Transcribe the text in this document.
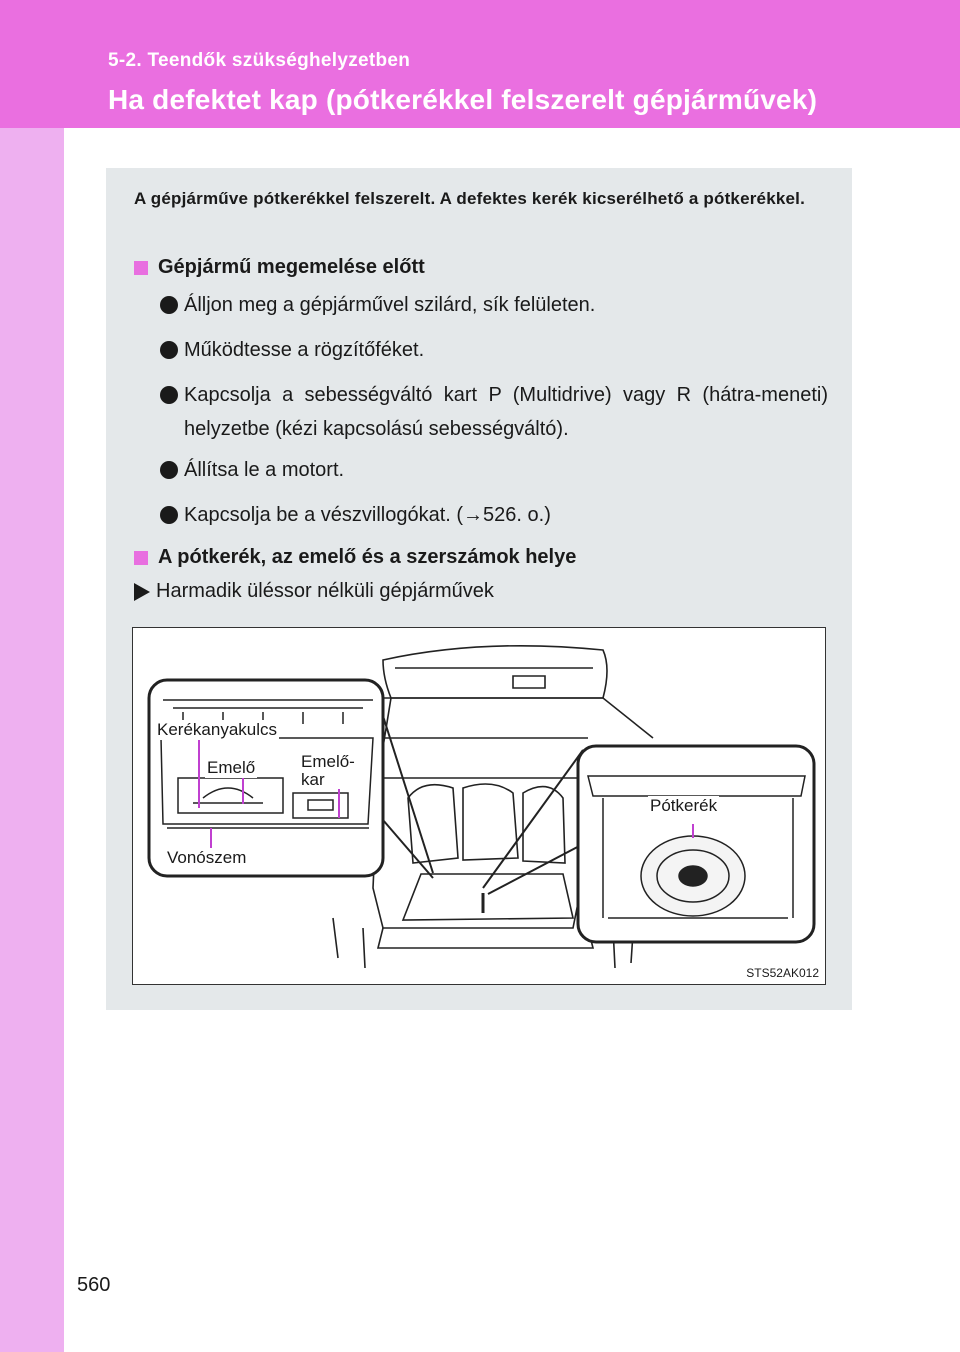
5-2. Teendők szükséghelyzetben
Ha defektet kap (pótkerékkel felszerelt gépjárművek)
560
A gépjárműve pótkerékkel felszerelt. A defektes kerék kicserélhető a pótkerékkel.
Gépjármű megemelése előtt
Álljon meg a gépjárművel szilárd, sík felületen.
Működtesse a rögzítőféket.
Kapcsolja a sebességváltó kart P (Multidrive) vagy R (hátra-meneti) helyzetbe (kézi kapcsolású sebességváltó).
Állítsa le a motort.
Kapcsolja be a vészvillogókat. (→526. o.)
A pótkerék, az emelő és a szerszámok helye
Harmadik üléssor nélküli gépjárművek
Kerékanyakulcs
Emelő	Emelő-
kar
Vonószem
Pótkerék
STS52AK012
